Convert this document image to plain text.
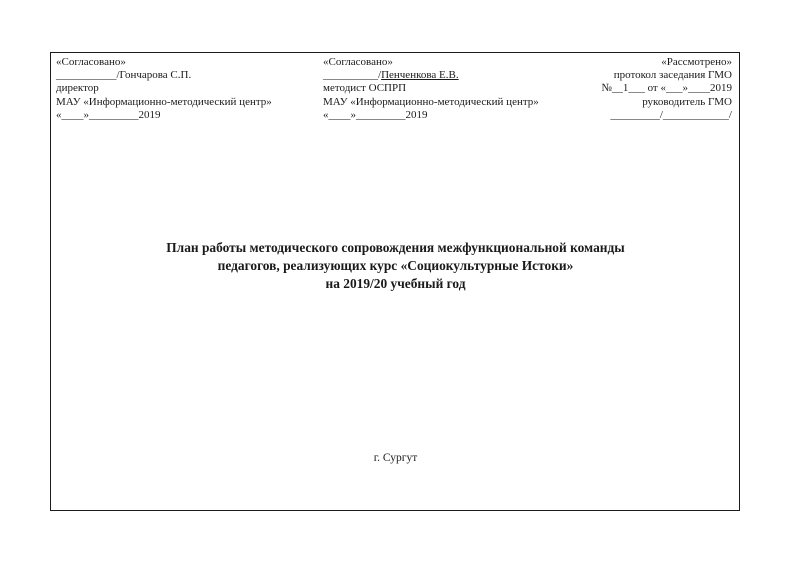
«Согласовано»
___________/Гончарова С.П.
директор
МАУ «Информационно-методический центр»
«____»_________2019
«Согласовано»
__________/Пенченкова Е.В.
методист ОСПРП
МАУ «Информационно-методический центр»
«____»_________2019
«Рассмотрено»
протокол заседания ГМО
№__1___ от «___»____2019
руководитель ГМО
_________/____________/
План работы методического сопровождения межфункциональной команды
педагогов, реализующих курс «Социокультурные Истоки»
на 2019/20 учебный год
г. Сургут
